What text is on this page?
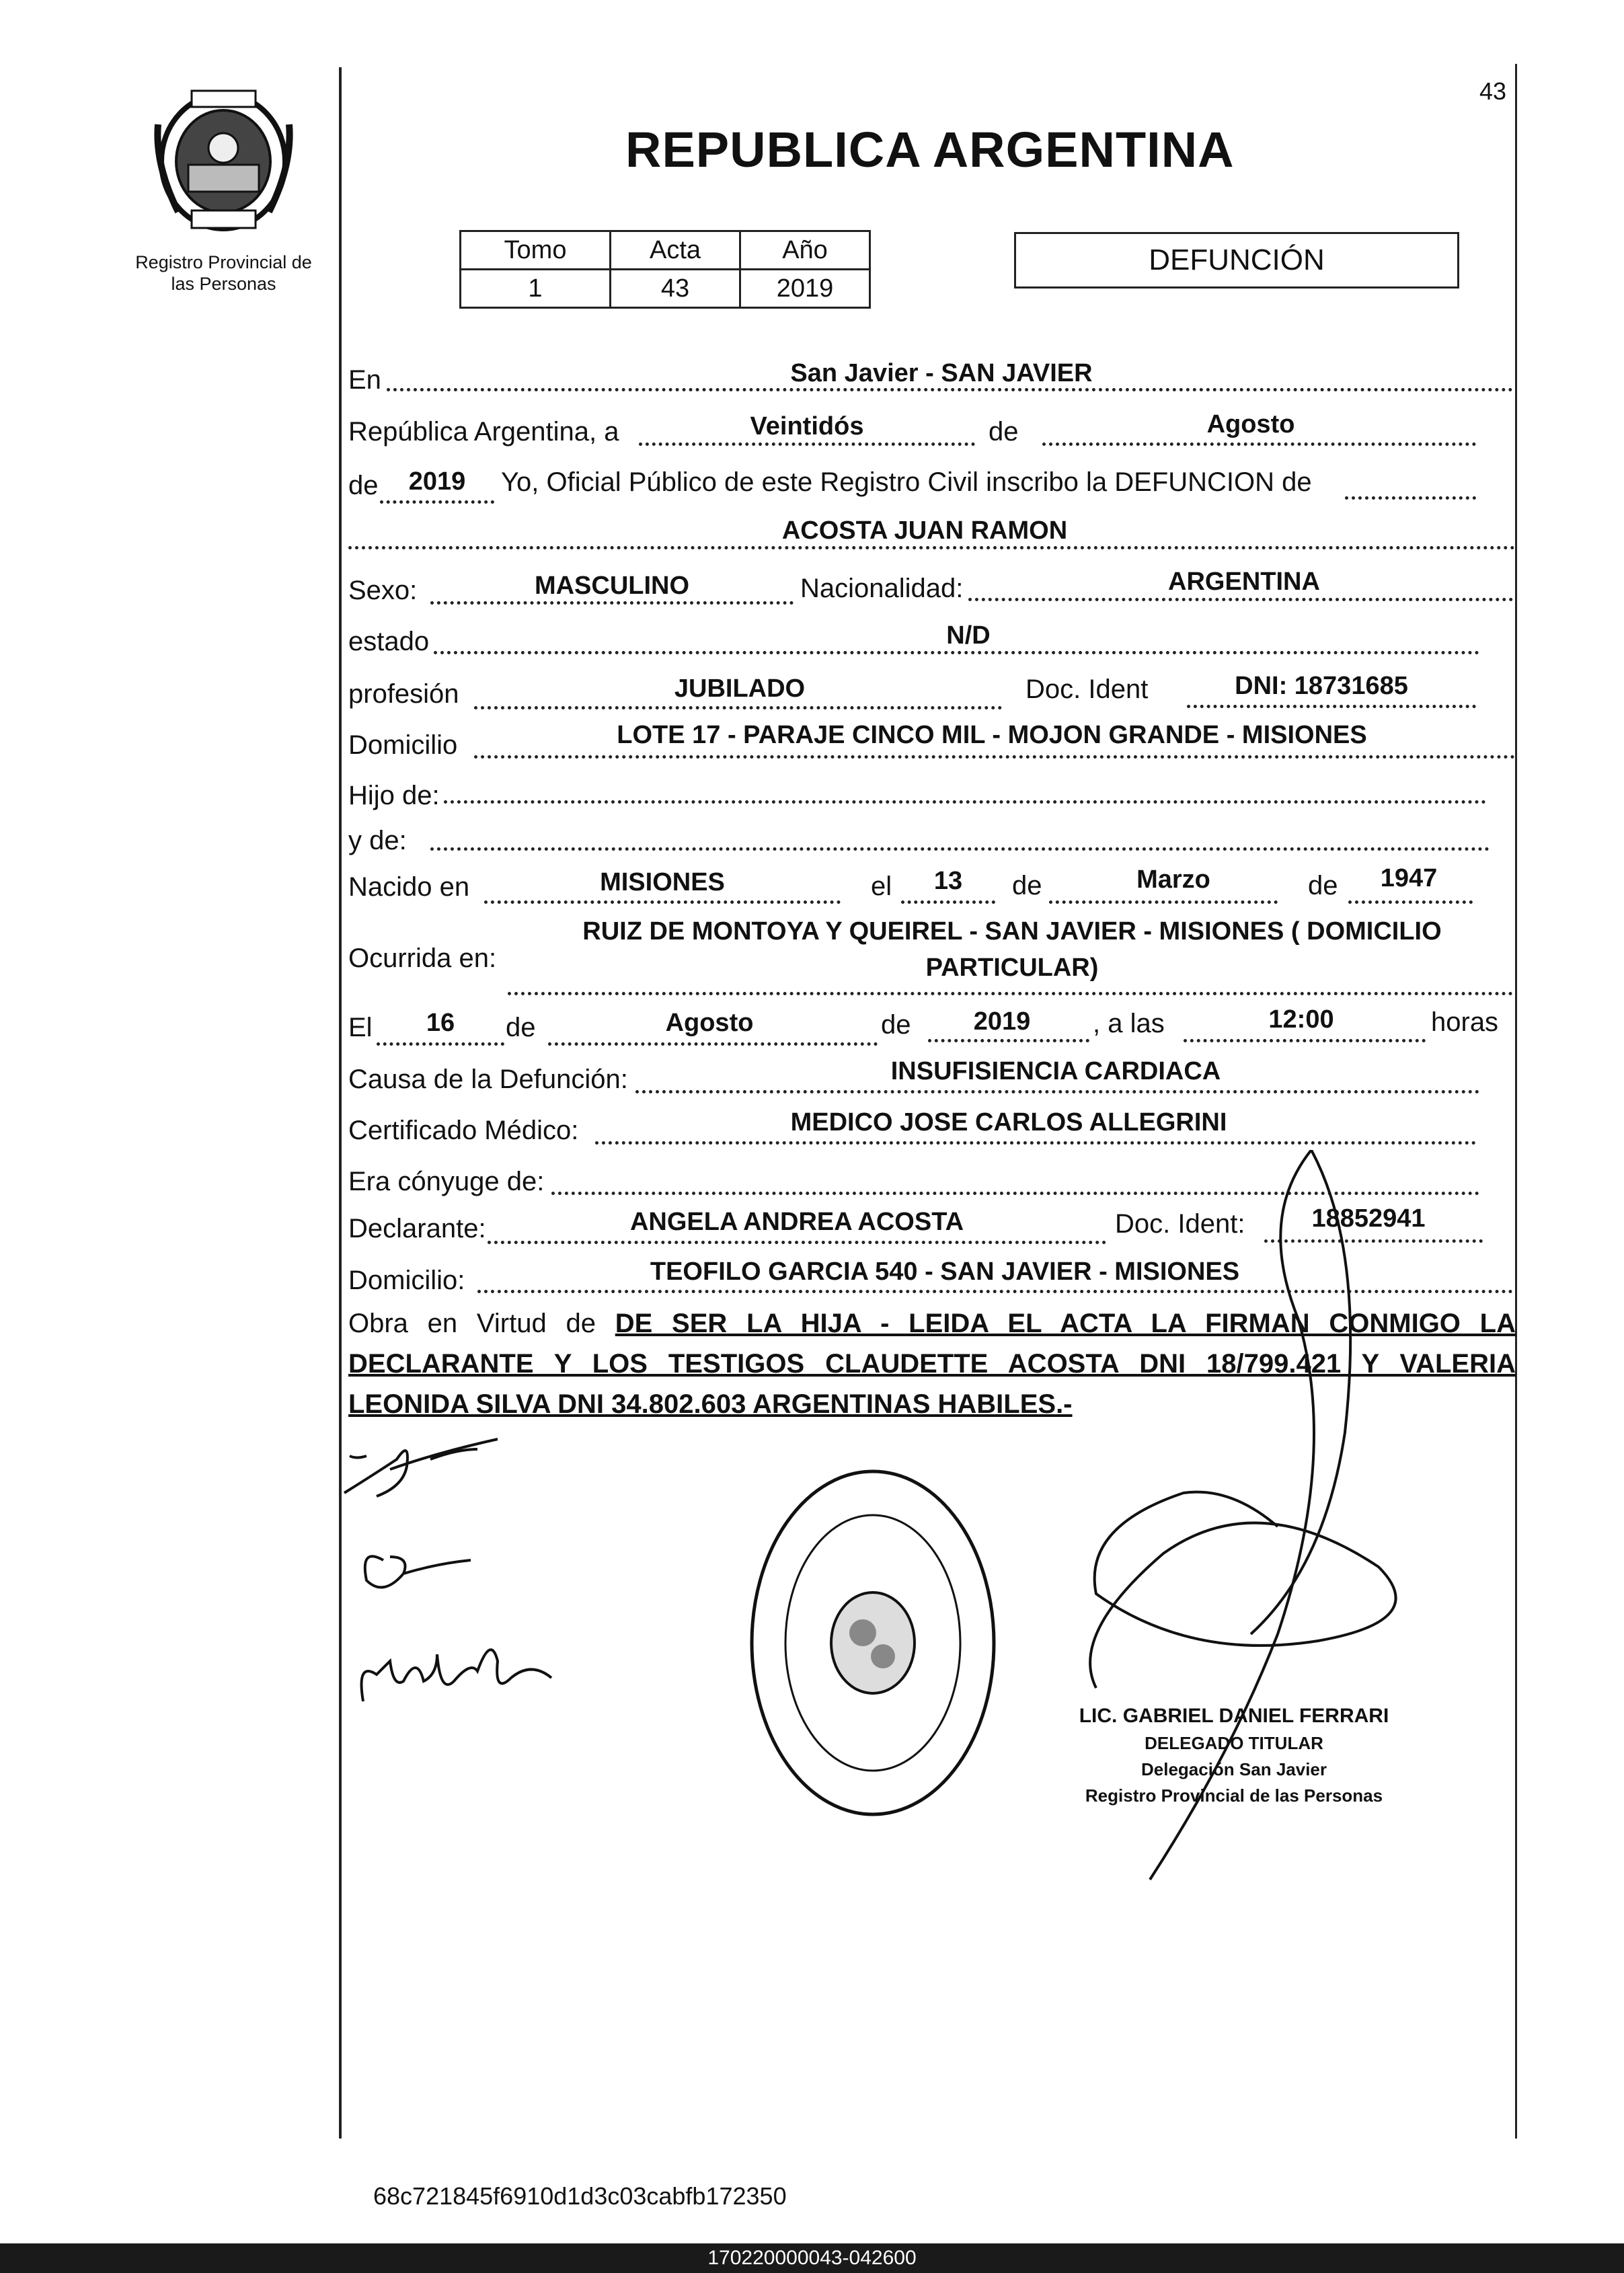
43
Registro Provincial de
las Personas
REPUBLICA ARGENTINA
Tomo	Acta	Año
1	43	2019
DEFUNCIÓN
En	San Javier - SAN JAVIER
República Argentina, a	Veintidós	de	Agosto
de	2019	Yo, Oficial Público de este Registro Civil inscribo la DEFUNCION de
ACOSTA JUAN RAMON
Sexo:	MASCULINO	Nacionalidad:	ARGENTINA
estado	N/D
profesión	JUBILADO	Doc. Ident	DNI: 18731685
Domicilio	LOTE 17 - PARAJE CINCO MIL - MOJON GRANDE - MISIONES
Hijo de:
y de:
Nacido en	MISIONES	el	13	de	Marzo	de	1947
Ocurrida en:
RUIZ DE MONTOYA Y QUEIREL - SAN JAVIER - MISIONES ( DOMICILIO
PARTICULAR)
El	16	de	Agosto	de	2019	, a las	12:00	horas
Causa de la Defunción:	INSUFISIENCIA CARDIACA
Certificado Médico:	MEDICO JOSE CARLOS ALLEGRINI
Era cónyuge de:
Declarante:	ANGELA ANDREA ACOSTA	Doc. Ident:	18852941
Domicilio:	TEOFILO GARCIA 540 - SAN JAVIER - MISIONES
Obra en Virtud de DE SER LA HIJA - LEIDA EL ACTA LA FIRMAN CONMIGO LA DECLARANTE Y LOS TESTIGOS CLAUDETTE ACOSTA DNI 18/799.421 Y VALERIA LEONIDA SILVA DNI 34.802.603 ARGENTINAS HABILES.-
LIC. GABRIEL DANIEL FERRARI
DELEGADO TITULAR
Delegación San Javier
Registro Provincial de las Personas
68c721845f6910d1d3c03cabfb172350
170220000043-042600
